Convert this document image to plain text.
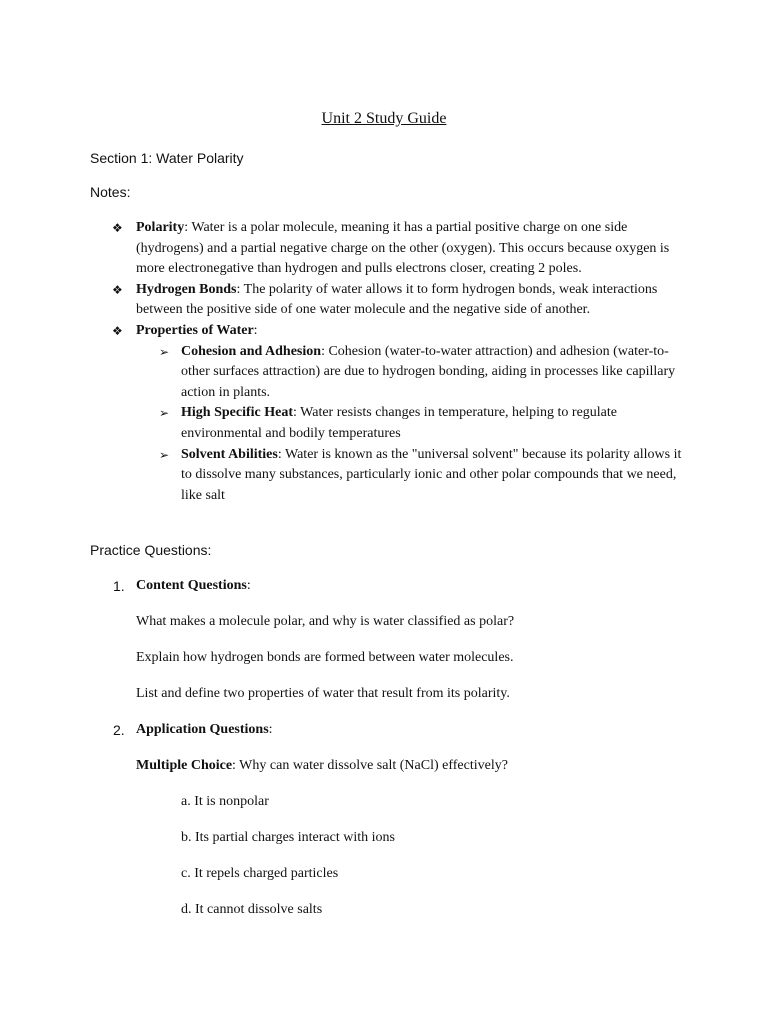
Unit 2 Study Guide
Section 1: Water Polarity
Notes:
❖ Polarity: Water is a polar molecule, meaning it has a partial positive charge on one side (hydrogens) and a partial negative charge on the other (oxygen). This occurs because oxygen is more electronegative than hydrogen and pulls electrons closer, creating 2 poles.
❖ Hydrogen Bonds: The polarity of water allows it to form hydrogen bonds, weak interactions between the positive side of one water molecule and the negative side of another.
❖ Properties of Water:
➢ Cohesion and Adhesion: Cohesion (water-to-water attraction) and adhesion (water-to-other surfaces attraction) are due to hydrogen bonding, aiding in processes like capillary action in plants.
➢ High Specific Heat: Water resists changes in temperature, helping to regulate environmental and bodily temperatures
➢ Solvent Abilities: Water is known as the "universal solvent" because its polarity allows it to dissolve many substances, particularly ionic and other polar compounds that we need, like salt
Practice Questions:
1. Content Questions:
What makes a molecule polar, and why is water classified as polar?
Explain how hydrogen bonds are formed between water molecules.
List and define two properties of water that result from its polarity.
2. Application Questions:
Multiple Choice: Why can water dissolve salt (NaCl) effectively?
a. It is nonpolar
b. Its partial charges interact with ions
c. It repels charged particles
d. It cannot dissolve salts
